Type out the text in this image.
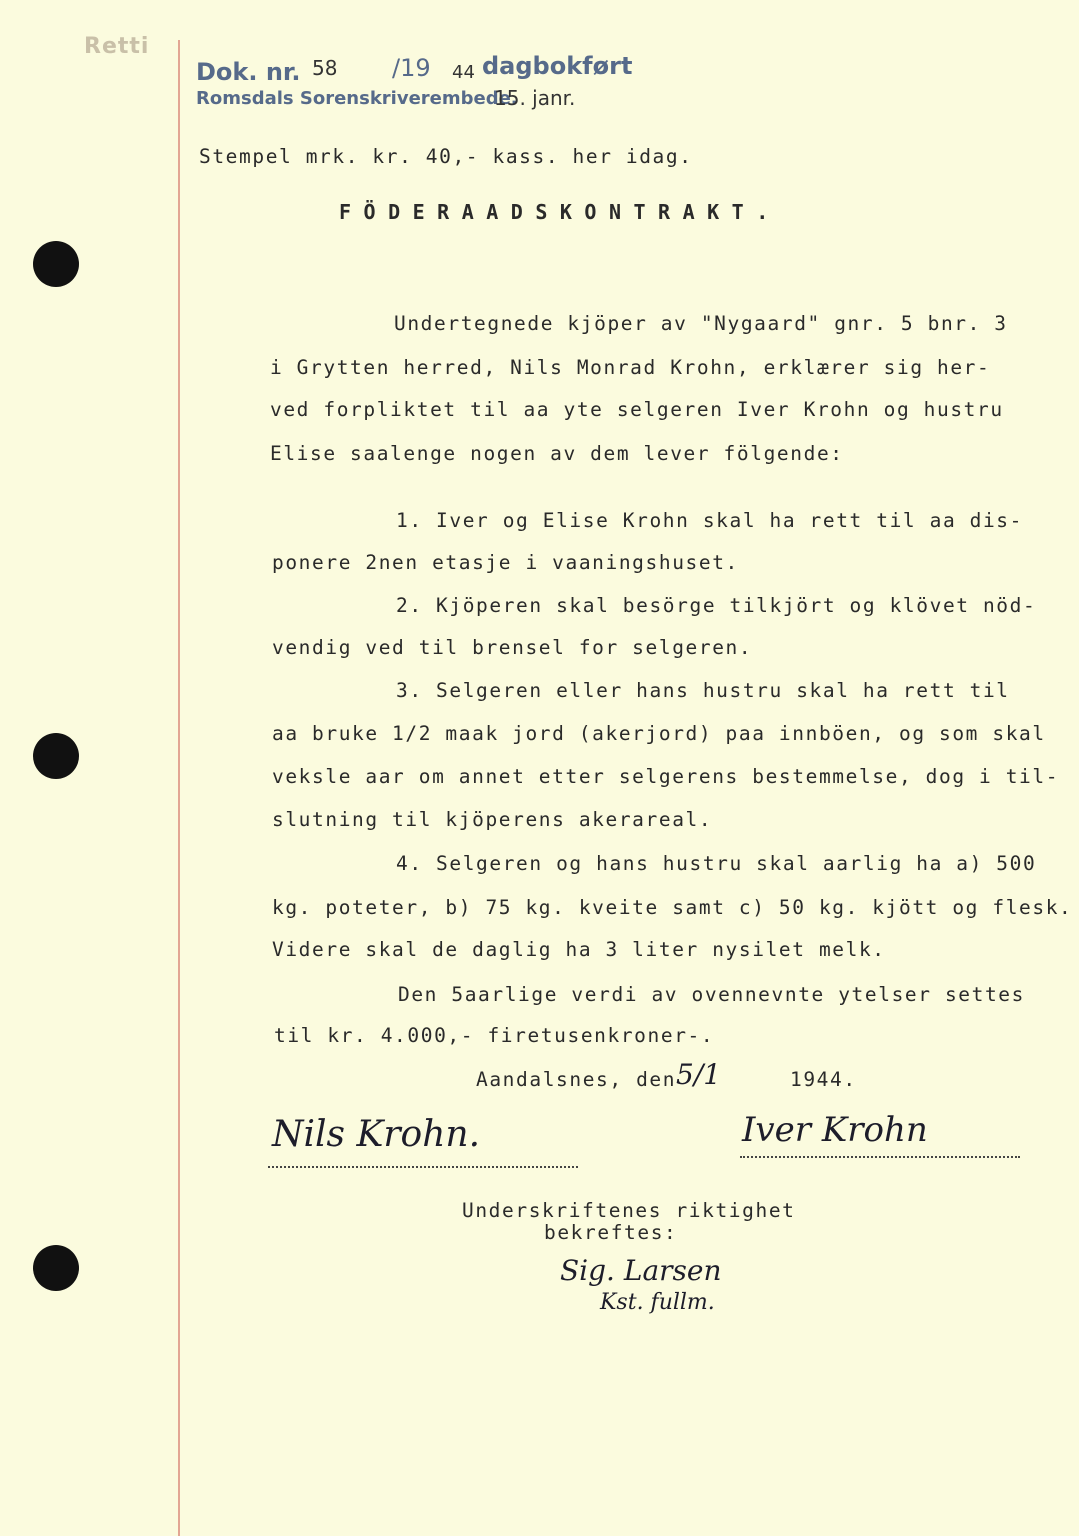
Retti
Dok. nr. 58 /19 44 dagbokført
Romsdals Sorenskriverembede.
15. janr.
Stempel mrk. kr. 40,- kass. her idag.
FÖDERAADSKONTRAKT.
Undertegnede kjöper av "Nygaard" gnr. 5 bnr. 3
i Grytten herred, Nils Monrad Krohn, erklærer sig her-
ved forpliktet til aa yte selgeren Iver Krohn og hustru
Elise saalenge nogen av dem lever fölgende:
1. Iver og Elise Krohn skal ha rett til aa dis-
ponere 2nen etasje i vaaningshuset.
2. Kjöperen skal besörge tilkjört og klövet nöd-
vendig ved til brensel for selgeren.
3. Selgeren eller hans hustru skal ha rett til
aa bruke 1/2 maak jord (akerjord) paa innböen, og som skal
veksle aar om annet etter selgerens bestemmelse, dog i til-
slutning til kjöperens akerareal.
4. Selgeren og hans hustru skal aarlig ha a) 500
kg. poteter, b) 75 kg. kveite samt c) 50 kg. kjött og flesk.
Videre skal de daglig ha 3 liter nysilet melk.
Den 5aarlige verdi av ovennevnte ytelser settes
til kr. 4.000,- firetusenkroner-.
Aandalsnes, den 5/1	1944.
Nils Krohn.	Iver Krohn
Underskriftenes riktighet
bekreftes:
Sig. Larsen
Kst. fullm.
